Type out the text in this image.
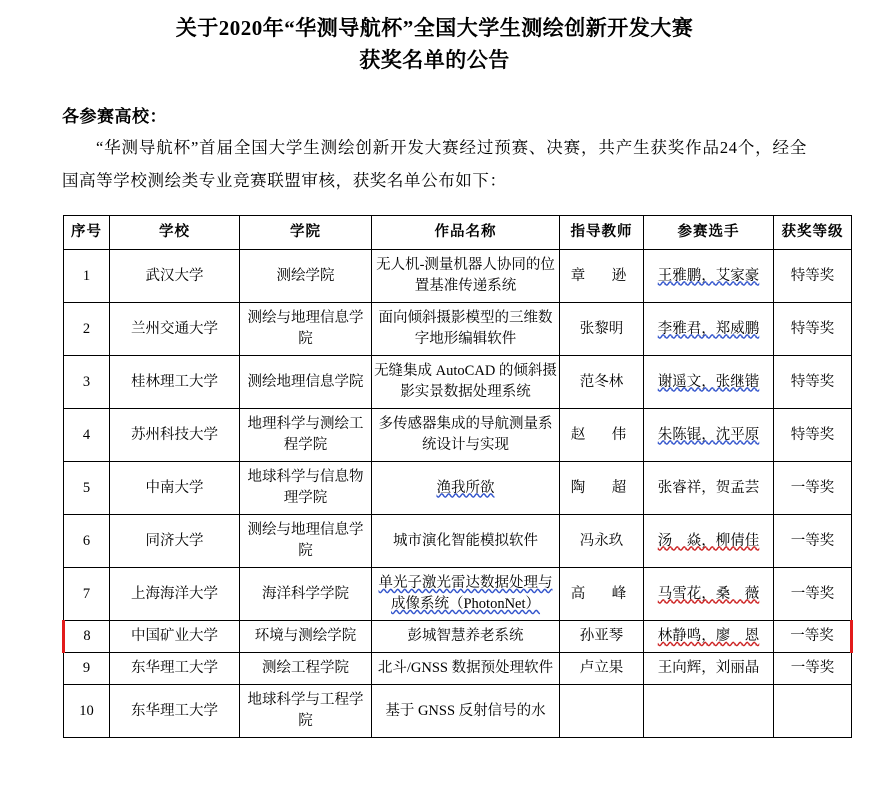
关于2020年“华测导航杯”全国大学生测绘创新开发大赛
获奖名单的公告
各参赛高校：

“华测导航杯”首届全国大学生测绘创新开发大赛经过预赛、决赛，共产生获奖作品24个，经全国高等学校测绘类专业竞赛联盟审核，获奖名单公布如下：

序号	学校	学院	作品名称	指导教师	参赛选手	获奖等级
1	武汉大学	测绘学院	无人机-测量机器人协同的位置基准传递系统	章　逊	王雅鹏，艾家豪	特等奖
2	兰州交通大学	测绘与地理信息学院	面向倾斜摄影模型的三维数字地形编辑软件	张黎明	李雅君，郑威鹏	特等奖
3	桂林理工大学	测绘地理信息学院	无缝集成 AutoCAD 的倾斜摄影实景数据处理系统	范冬林	谢遥文，张继锴	特等奖
4	苏州科技大学	地理科学与测绘工程学院	多传感器集成的导航测量系统设计与实现	赵　伟	朱陈锟，沈平原	特等奖
5	中南大学	地球科学与信息物理学院	渔我所欲	陶　超	张睿祥，贺孟芸	一等奖
6	同济大学	测绘与地理信息学院	城市演化智能模拟软件	冯永玖	汤　焱，柳倩佳	一等奖
7	上海海洋大学	海洋科学学院	单光子激光雷达数据处理与成像系统（PhotonNet）	高　峰	马雪花，桑　薇	一等奖
8	中国矿业大学	环境与测绘学院	彭城智慧养老系统	孙亚琴	林静鸣，廖　恩	一等奖
9	东华理工大学	测绘工程学院	北斗/GNSS 数据预处理软件	卢立果	王向辉，刘丽晶	一等奖
10	东华理工大学	地球科学与工程学院	基于 GNSS 反射信号的水			
